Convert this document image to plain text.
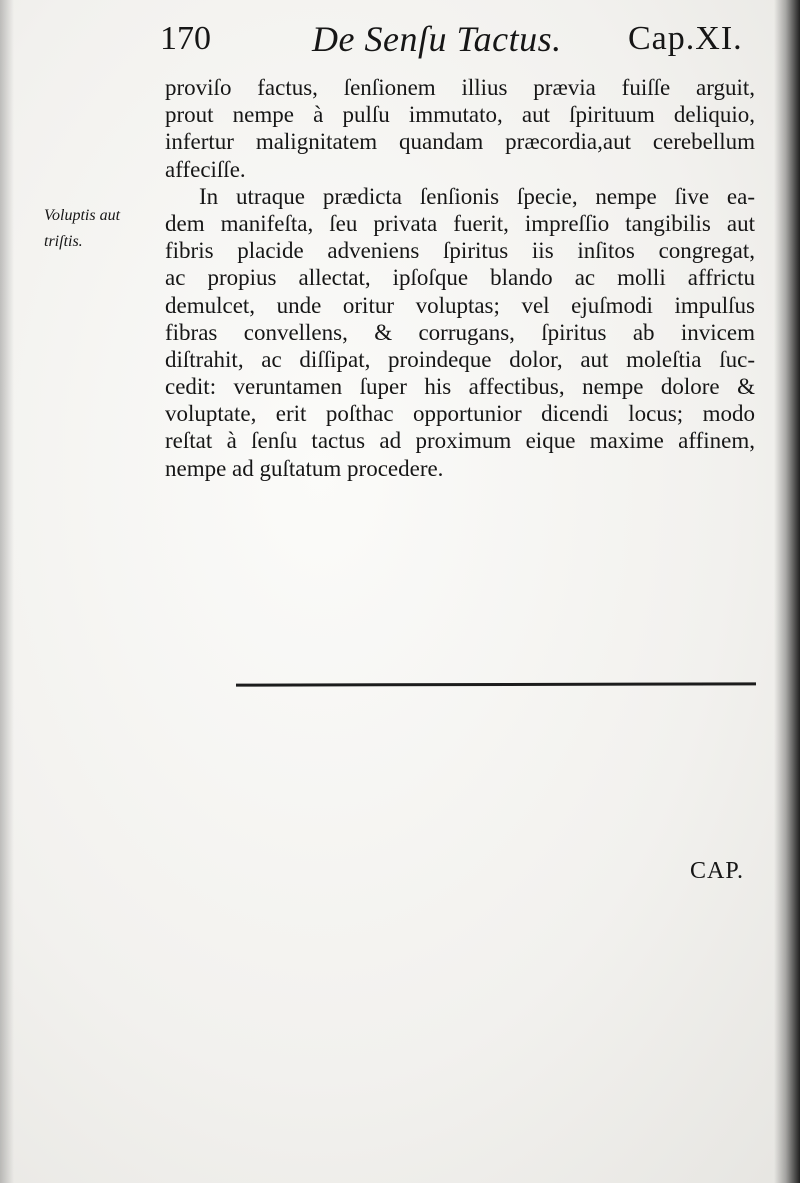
170	De Senſu Tactus. Cap.XI.
Voluptis aut
triſtis.
proviſo factus, ſenſionem illius prævia fuiſſe arguit,
prout nempe à pulſu immutato, aut ſpirituum deliquio,
infertur malignitatem quandam præcordia,aut cerebellum
affeciſſe.
In utraque prædicta ſenſionis ſpecie, nempe ſive ea-
dem manifeſta, ſeu privata fuerit, impreſſio tangibilis aut
fibris placide adveniens ſpiritus iis inſitos congregat,
ac propius allectat, ipſoſque blando ac molli affrictu
demulcet, unde oritur voluptas; vel ejuſmodi impulſus
fibras convellens, & corrugans, ſpiritus ab invicem
diſtrahit, ac diſſipat, proindeque dolor, aut moleſtia ſuc-
cedit: veruntamen ſuper his affectibus, nempe dolore &
voluptate, erit poſthac opportunior dicendi locus; modo
reſtat à ſenſu tactus ad proximum eique maxime affinem,
nempe ad guſtatum procedere.
CAP.
